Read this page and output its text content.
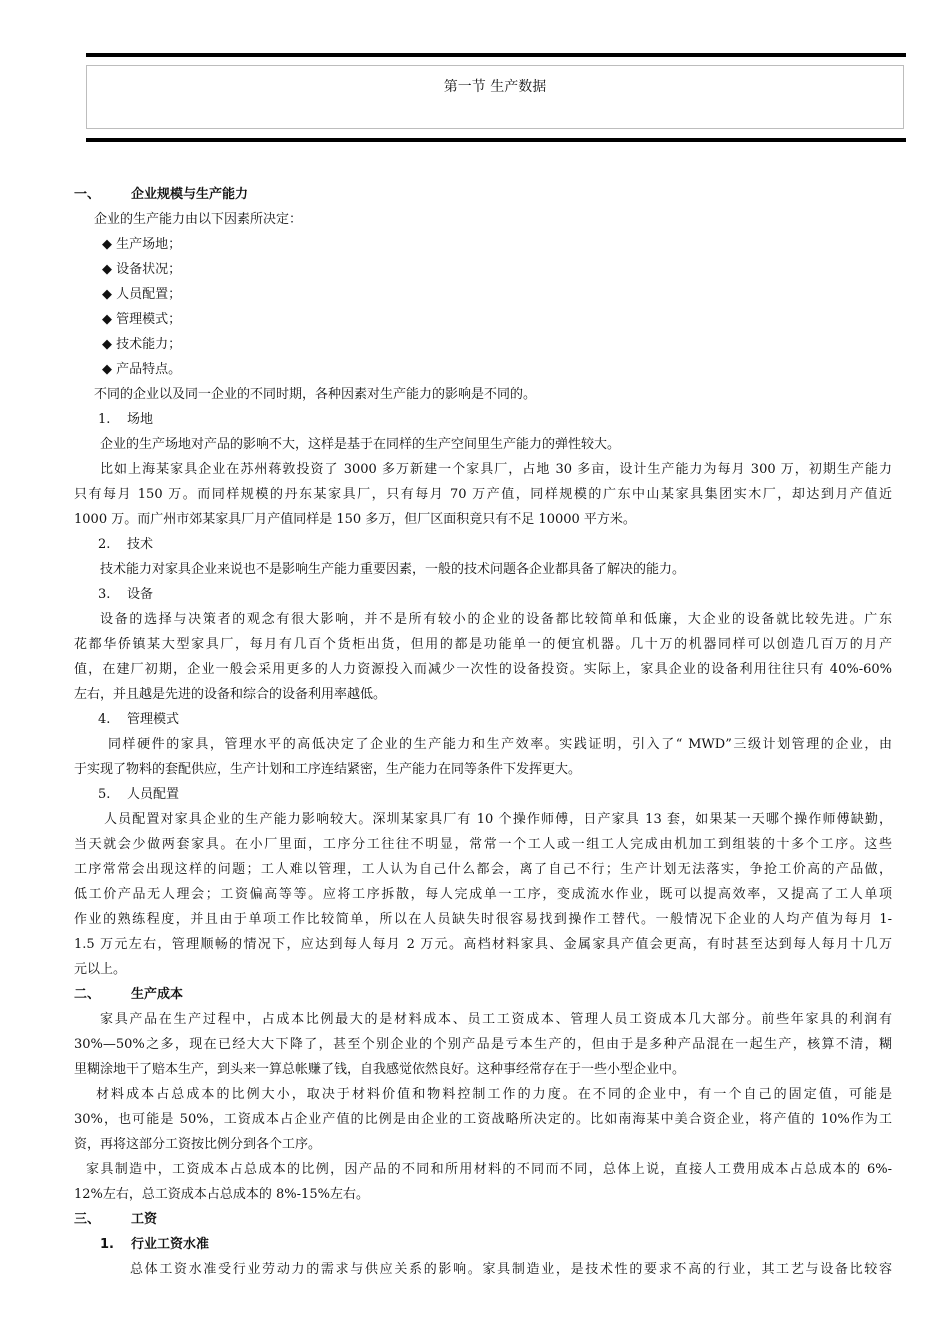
第一节 生产数据
一、 企业规模与生产能力
企业的生产能力由以下因素所决定：
◆ 生产场地；
◆ 设备状况；
◆ 人员配置；
◆ 管理模式；
◆ 技术能力；
◆ 产品特点。
不同的企业以及同一企业的不同时期，各种因素对生产能力的影响是不同的。
1. 场地
企业的生产场地对产品的影响不大，这样是基于在同样的生产空间里生产能力的弹性较大。
比如上海某家具企业在苏州蒋敦投资了 3000 多万新建一个家具厂，占地 30 多亩，设计生产能力为每月 300 万，初期生产能力
只有每月 150 万。而同样规模的丹东某家具厂，只有每月 70 万产值，同样规模的广东中山某家具集团实木厂，却达到月产值近
1000 万。而广州市郊某家具厂月产值同样是 150 多万，但厂区面积竟只有不足 10000 平方米。
2. 技术
技术能力对家具企业来说也不是影响生产能力重要因素，一般的技术问题各企业都具备了解决的能力。
3. 设备
设备的选择与决策者的观念有很大影响，并不是所有较小的企业的设备都比较简单和低廉，大企业的设备就比较先进。广东
花都华侨镇某大型家具厂，每月有几百个货柜出货，但用的都是功能单一的便宜机器。几十万的机器同样可以创造几百万的月产
值，在建厂初期，企业一般会采用更多的人力资源投入而减少一次性的设备投资。实际上，家具企业的设备利用往往只有 40%-60%
左右，并且越是先进的设备和综合的设备利用率越低。
4. 管理模式
同样硬件的家具，管理水平的高低决定了企业的生产能力和生产效率。实践证明，引入了“ MWD”三级计划管理的企业，由
于实现了物料的套配供应，生产计划和工序连结紧密，生产能力在同等条件下发挥更大。
5. 人员配置
人员配置对家具企业的生产能力影响较大。深圳某家具厂有 10 个操作师傅，日产家具 13 套，如果某一天哪个操作师傅缺勤，
当天就会少做两套家具。在小厂里面，工序分工往往不明显，常常一个工人或一组工人完成由机加工到组装的十多个工序。这些
工序常常会出现这样的问题；工人难以管理，工人认为自己什么都会，离了自己不行；生产计划无法落实，争抢工价高的产品做，
低工价产品无人理会；工资偏高等等。应将工序拆散，每人完成单一工序，变成流水作业，既可以提高效率，又提高了工人单项
作业的熟练程度，并且由于单项工作比较简单，所以在人员缺失时很容易找到操作工替代。一般情况下企业的人均产值为每月 1-
1.5 万元左右，管理顺畅的情况下，应达到每人每月 2 万元。高档材料家具、金属家具产值会更高，有时甚至达到每人每月十几万
元以上。
二、 生产成本
家具产品在生产过程中，占成本比例最大的是材料成本、员工工资成本、管理人员工资成本几大部分。前些年家具的利润有
30%—50%之多，现在已经大大下降了，甚至个别企业的个别产品是亏本生产的，但由于是多种产品混在一起生产，核算不清，糊
里糊涂地干了赔本生产，到头来一算总帐赚了钱，自我感觉依然良好。这种事经常存在于一些小型企业中。
材料成本占总成本的比例大小，取决于材料价值和物料控制工作的力度。在不同的企业中，有一个自己的固定值，可能是
30%，也可能是 50%，工资成本占企业产值的比例是由企业的工资战略所决定的。比如南海某中美合资企业，将产值的 10%作为工
资，再将这部分工资按比例分到各个工序。
家具制造中，工资成本占总成本的比例，因产品的不同和所用材料的不同而不同，总体上说，直接人工费用成本占总成本的 6%-
12%左右，总工资成本占总成本的 8%-15%左右。
三、 工资
1. 行业工资水准
总体工资水准受行业劳动力的需求与供应关系的影响。家具制造业，是技术性的要求不高的行业，其工艺与设备比较容
